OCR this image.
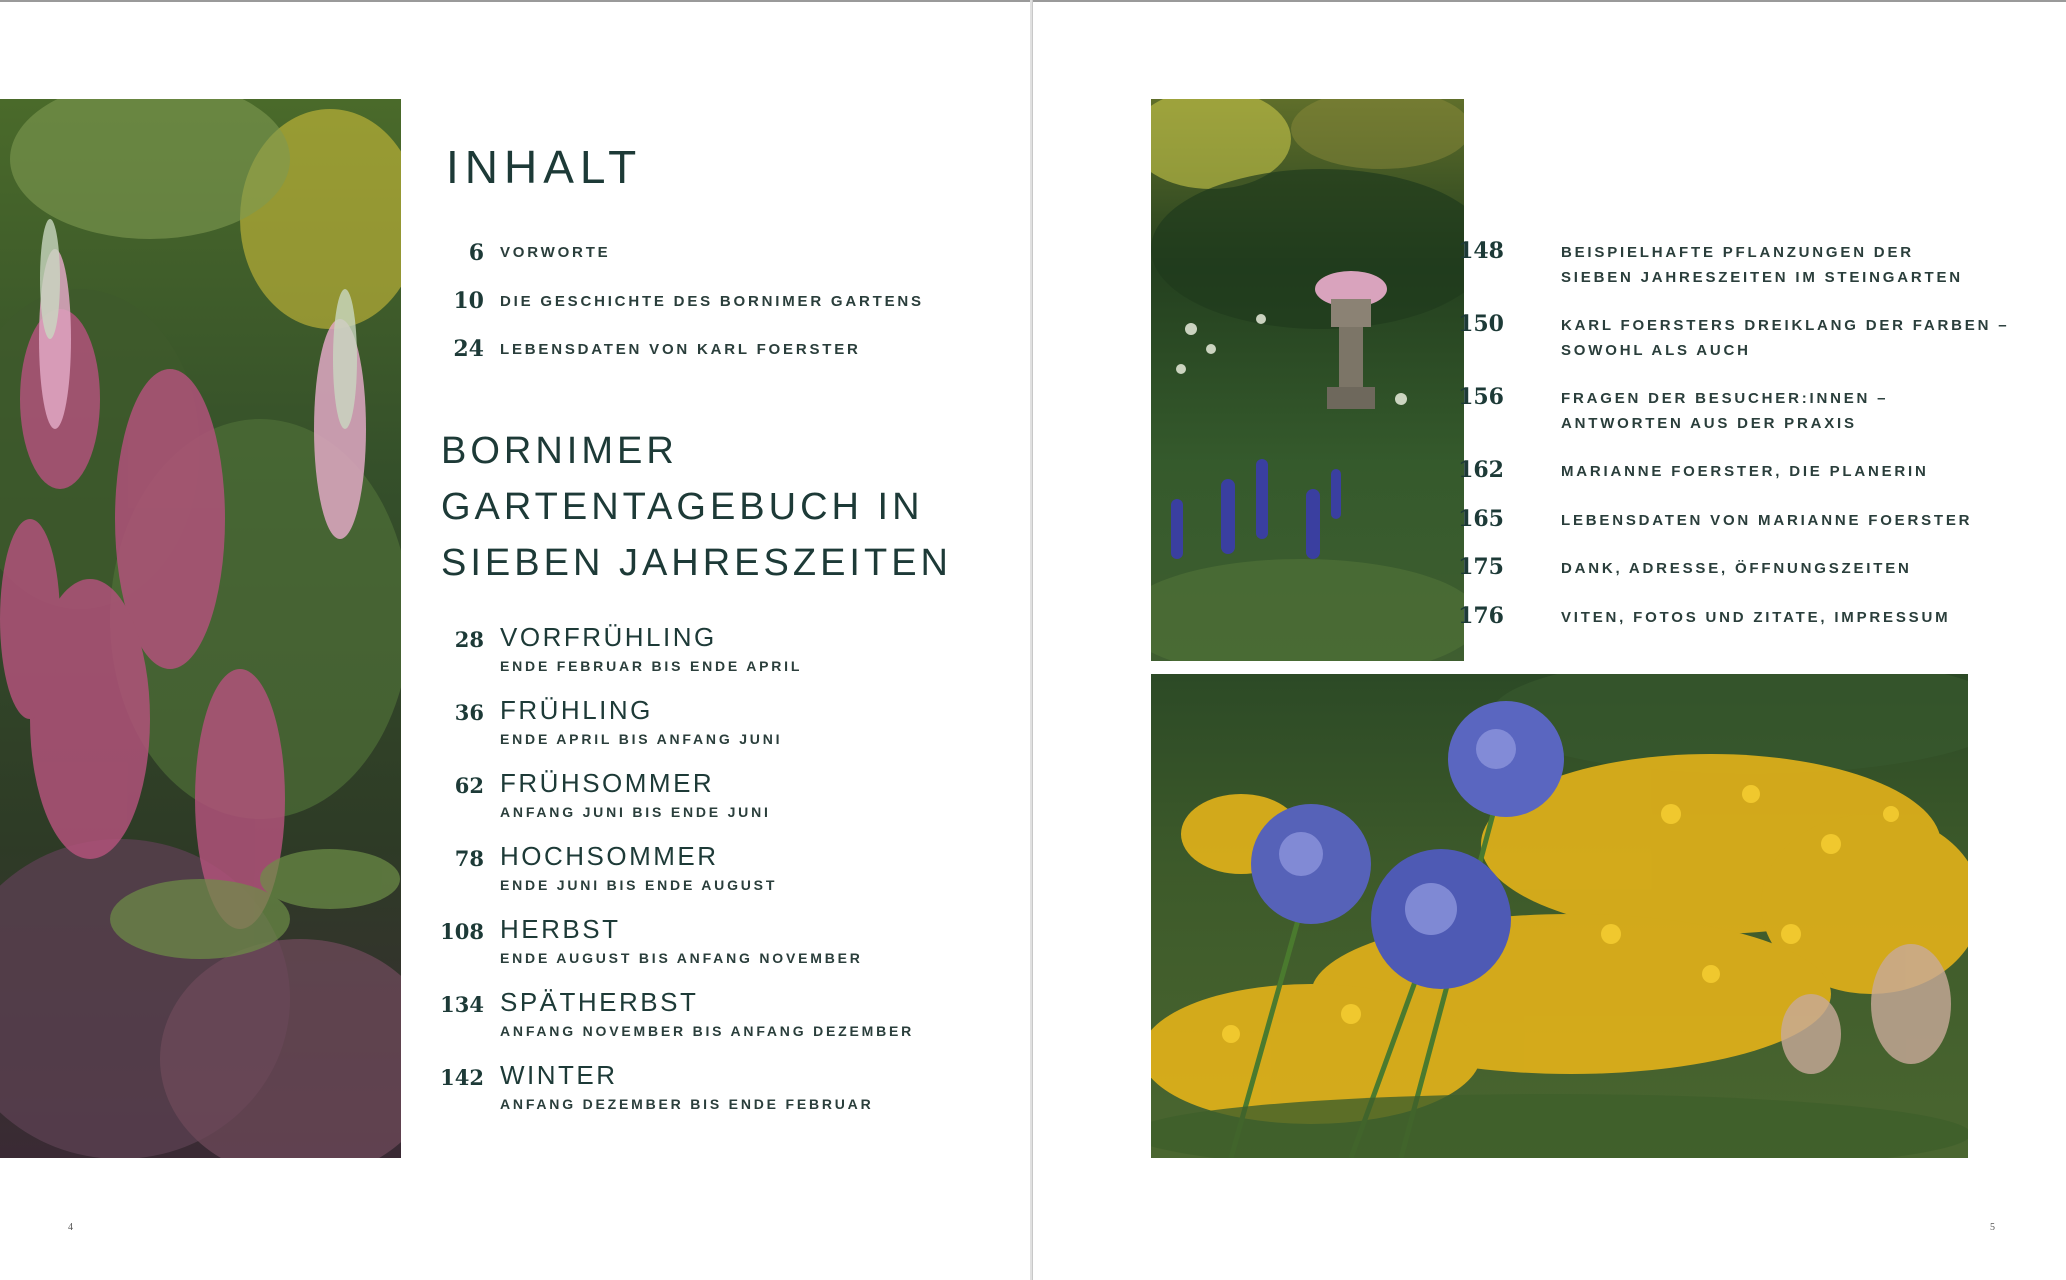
INHALT
6 VORWORTE
10 DIE GESCHICHTE DES BORNIMER GARTENS
24 LEBENSDATEN VON KARL FOERSTER
BORNIMER
GARTENTAGEBUCH IN
SIEBEN JAHRESZEITEN
28 VORFRÜHLING
ENDE FEBRUAR BIS ENDE APRIL
36 FRÜHLING
ENDE APRIL BIS ANFANG JUNI
62 FRÜHSOMMER
ANFANG JUNI BIS ENDE JUNI
78 HOCHSOMMER
ENDE JUNI BIS ENDE AUGUST
108 HERBST
ENDE AUGUST BIS ANFANG NOVEMBER
134 SPÄTHERBST
ANFANG NOVEMBER BIS ANFANG DEZEMBER
142 WINTER
ANFANG DEZEMBER BIS ENDE FEBRUAR
4
148	BEISPIELHAFTE PFLANZUNGEN DER
SIEBEN JAHRESZEITEN IM STEINGARTEN
150	KARL FOERSTERS DREIKLANG DER FARBEN –
SOWOHL ALS AUCH
156	FRAGEN DER BESUCHER:INNEN –
ANTWORTEN AUS DER PRAXIS
162	MARIANNE FOERSTER, DIE PLANERIN
165	LEBENSDATEN VON MARIANNE FOERSTER
175	DANK, ADRESSE, ÖFFNUNGSZEITEN
176	VITEN, FOTOS UND ZITATE, IMPRESSUM
5
